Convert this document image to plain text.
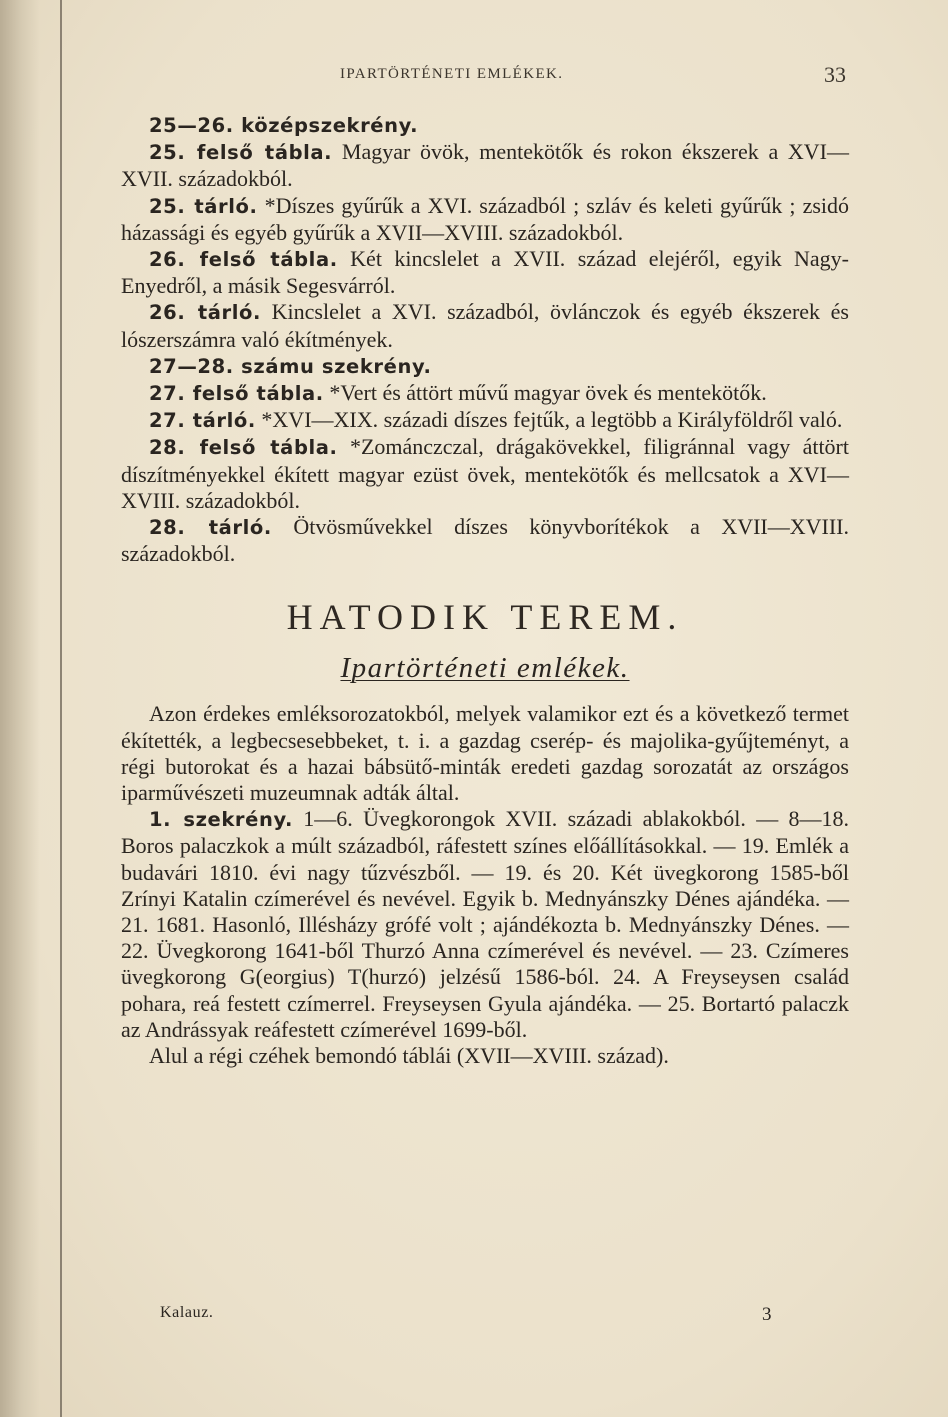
IPARTÖRTÉNETI EMLÉKEK.	33

25—26. középszekrény.

25. felső tábla. Magyar övök, mentekötők és rokon ékszerek a XVI—XVII. századokból.

25. tárló. *Díszes gyűrűk a XVI. századból ; szláv és keleti gyűrűk ; zsidó házassági és egyéb gyűrűk a XVII—XVIII. századokból.

26. felső tábla. Két kincslelet a XVII. század elejéről, egyik Nagy-Enyedről, a másik Segesvárról.

26. tárló. Kincslelet a XVI. századból, övlánczok és egyéb ékszerek és lószerszámra való ékítmények.

27—28. számu szekrény.

27. felső tábla. *Vert és áttört művű magyar övek és mentekötők.

27. tárló. *XVI—XIX. századi díszes fejtűk, a legtöbb a Királyföldről való.

28. felső tábla. *Zománczczal, drágakövekkel, filigránnal vagy áttört díszítményekkel ékített magyar ezüst övek, mentekötők és mellcsatok a XVI—XVIII. századokból.

28. tárló. Ötvösművekkel díszes könyvborítékok a XVII—XVIII. századokból.

HATODIK TEREM.

Ipartörténeti emlékek.

Azon érdekes emléksorozatokból, melyek valamikor ezt és a következő termet ékítették, a legbecsesebbeket, t. i. a gazdag cserép- és majolika-gyűjteményt, a régi butorokat és a hazai bábsütő-minták eredeti gazdag sorozatát az országos iparművészeti muzeumnak adták által.

1. szekrény. 1—6. Üvegkorongok XVII. századi ablakokból. — 8—18. Boros palaczkok a múlt századból, ráfestett színes előállításokkal. — 19. Emlék a budavári 1810. évi nagy tűzvészből. — 19. és 20. Két üvegkorong 1585-ből Zrínyi Katalin czímerével és nevével. Egyik b. Mednyánszky Dénes ajándéka. — 21. 1681. Hasonló, Illésházy grófé volt ; ajándékozta b. Mednyánszky Dénes. — 22. Üvegkorong 1641-ből Thurzó Anna czímerével és nevével. — 23. Czímeres üvegkorong G(eorgius) T(hurzó) jelzésű 1586-ból. 24. A Freyseysen család pohara, reá festett czímerrel. Freyseysen Gyula ajándéka. — 25. Bortartó palaczk az Andrássyak reáfestett czímerével 1699-ből.

Alul a régi czéhek bemondó táblái (XVII—XVIII. század).

Kalauz.	3
